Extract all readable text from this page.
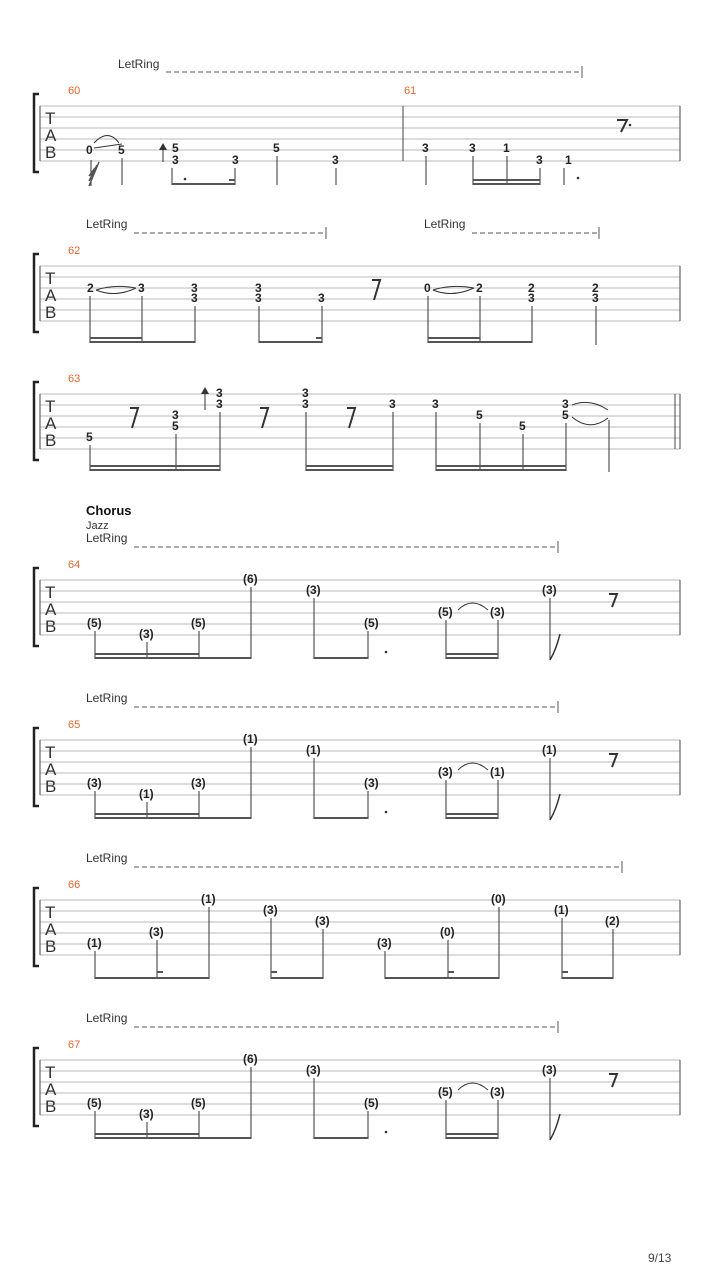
LetRing
T
A
B
60	61
0 5	5
3	3
5
3
3	3 1
3 1
LetRing	LetRing
T
A
B
62
2	3	3
3
3
3	3
0	2	2
3
2
3
T
A
B
63
5
3
5
3
3
3
3	3	3
5
5
3
5
Chorus
Jazz
LetRing
T
A
B
64
(5)
(3)
(5)
(6)
(3)
(5)
(5)	(3)
(3)
LetRing
T
A
B
65
(3)
(1)
(3)
(1)
(1)
(3)
(3)	(1)
(1)
LetRing
T
A
B
66
(1)
(3)
(1)
(3)
(3)
(3)
(0)
(0)
(1)
(2)
LetRing
T
A
B
67
(5)
(3)
(5)
(6)
(3)
(5)
(5)	(3)
(3)
9/13
